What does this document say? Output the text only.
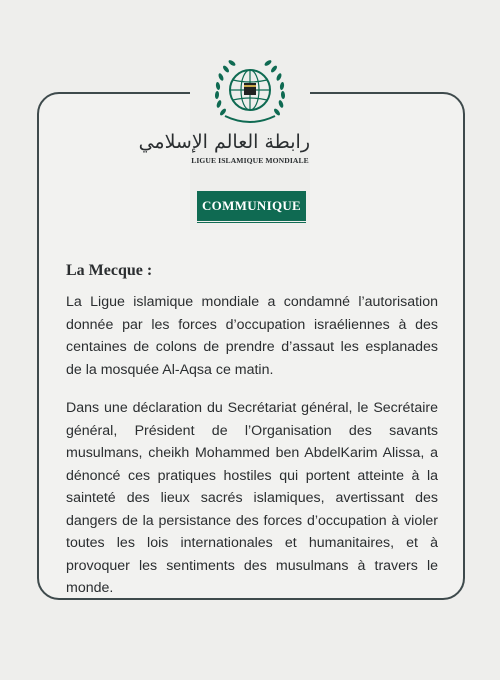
رابطة العالم الإسلامي
LIGUE ISLAMIQUE MONDIALE
COMMUNIQUE

La Mecque :

La Ligue islamique mondiale a condamné l’autorisation donnée par les forces d’occupation israéliennes à des centaines de colons de prendre d’assaut les esplanades de la mosquée Al-Aqsa ce matin.

Dans une déclaration du Secrétariat général, le Secrétaire général, Président de l’Organisation des savants musulmans, cheikh Mohammed ben AbdelKarim Alissa, a dénoncé ces pratiques hostiles qui portent atteinte à la sainteté des lieux sacrés islamiques, avertissant des dangers de la persistance des forces d’occupation à violer toutes les lois internationales et humanitaires, et à provoquer les sentiments des musulmans à travers le monde.
